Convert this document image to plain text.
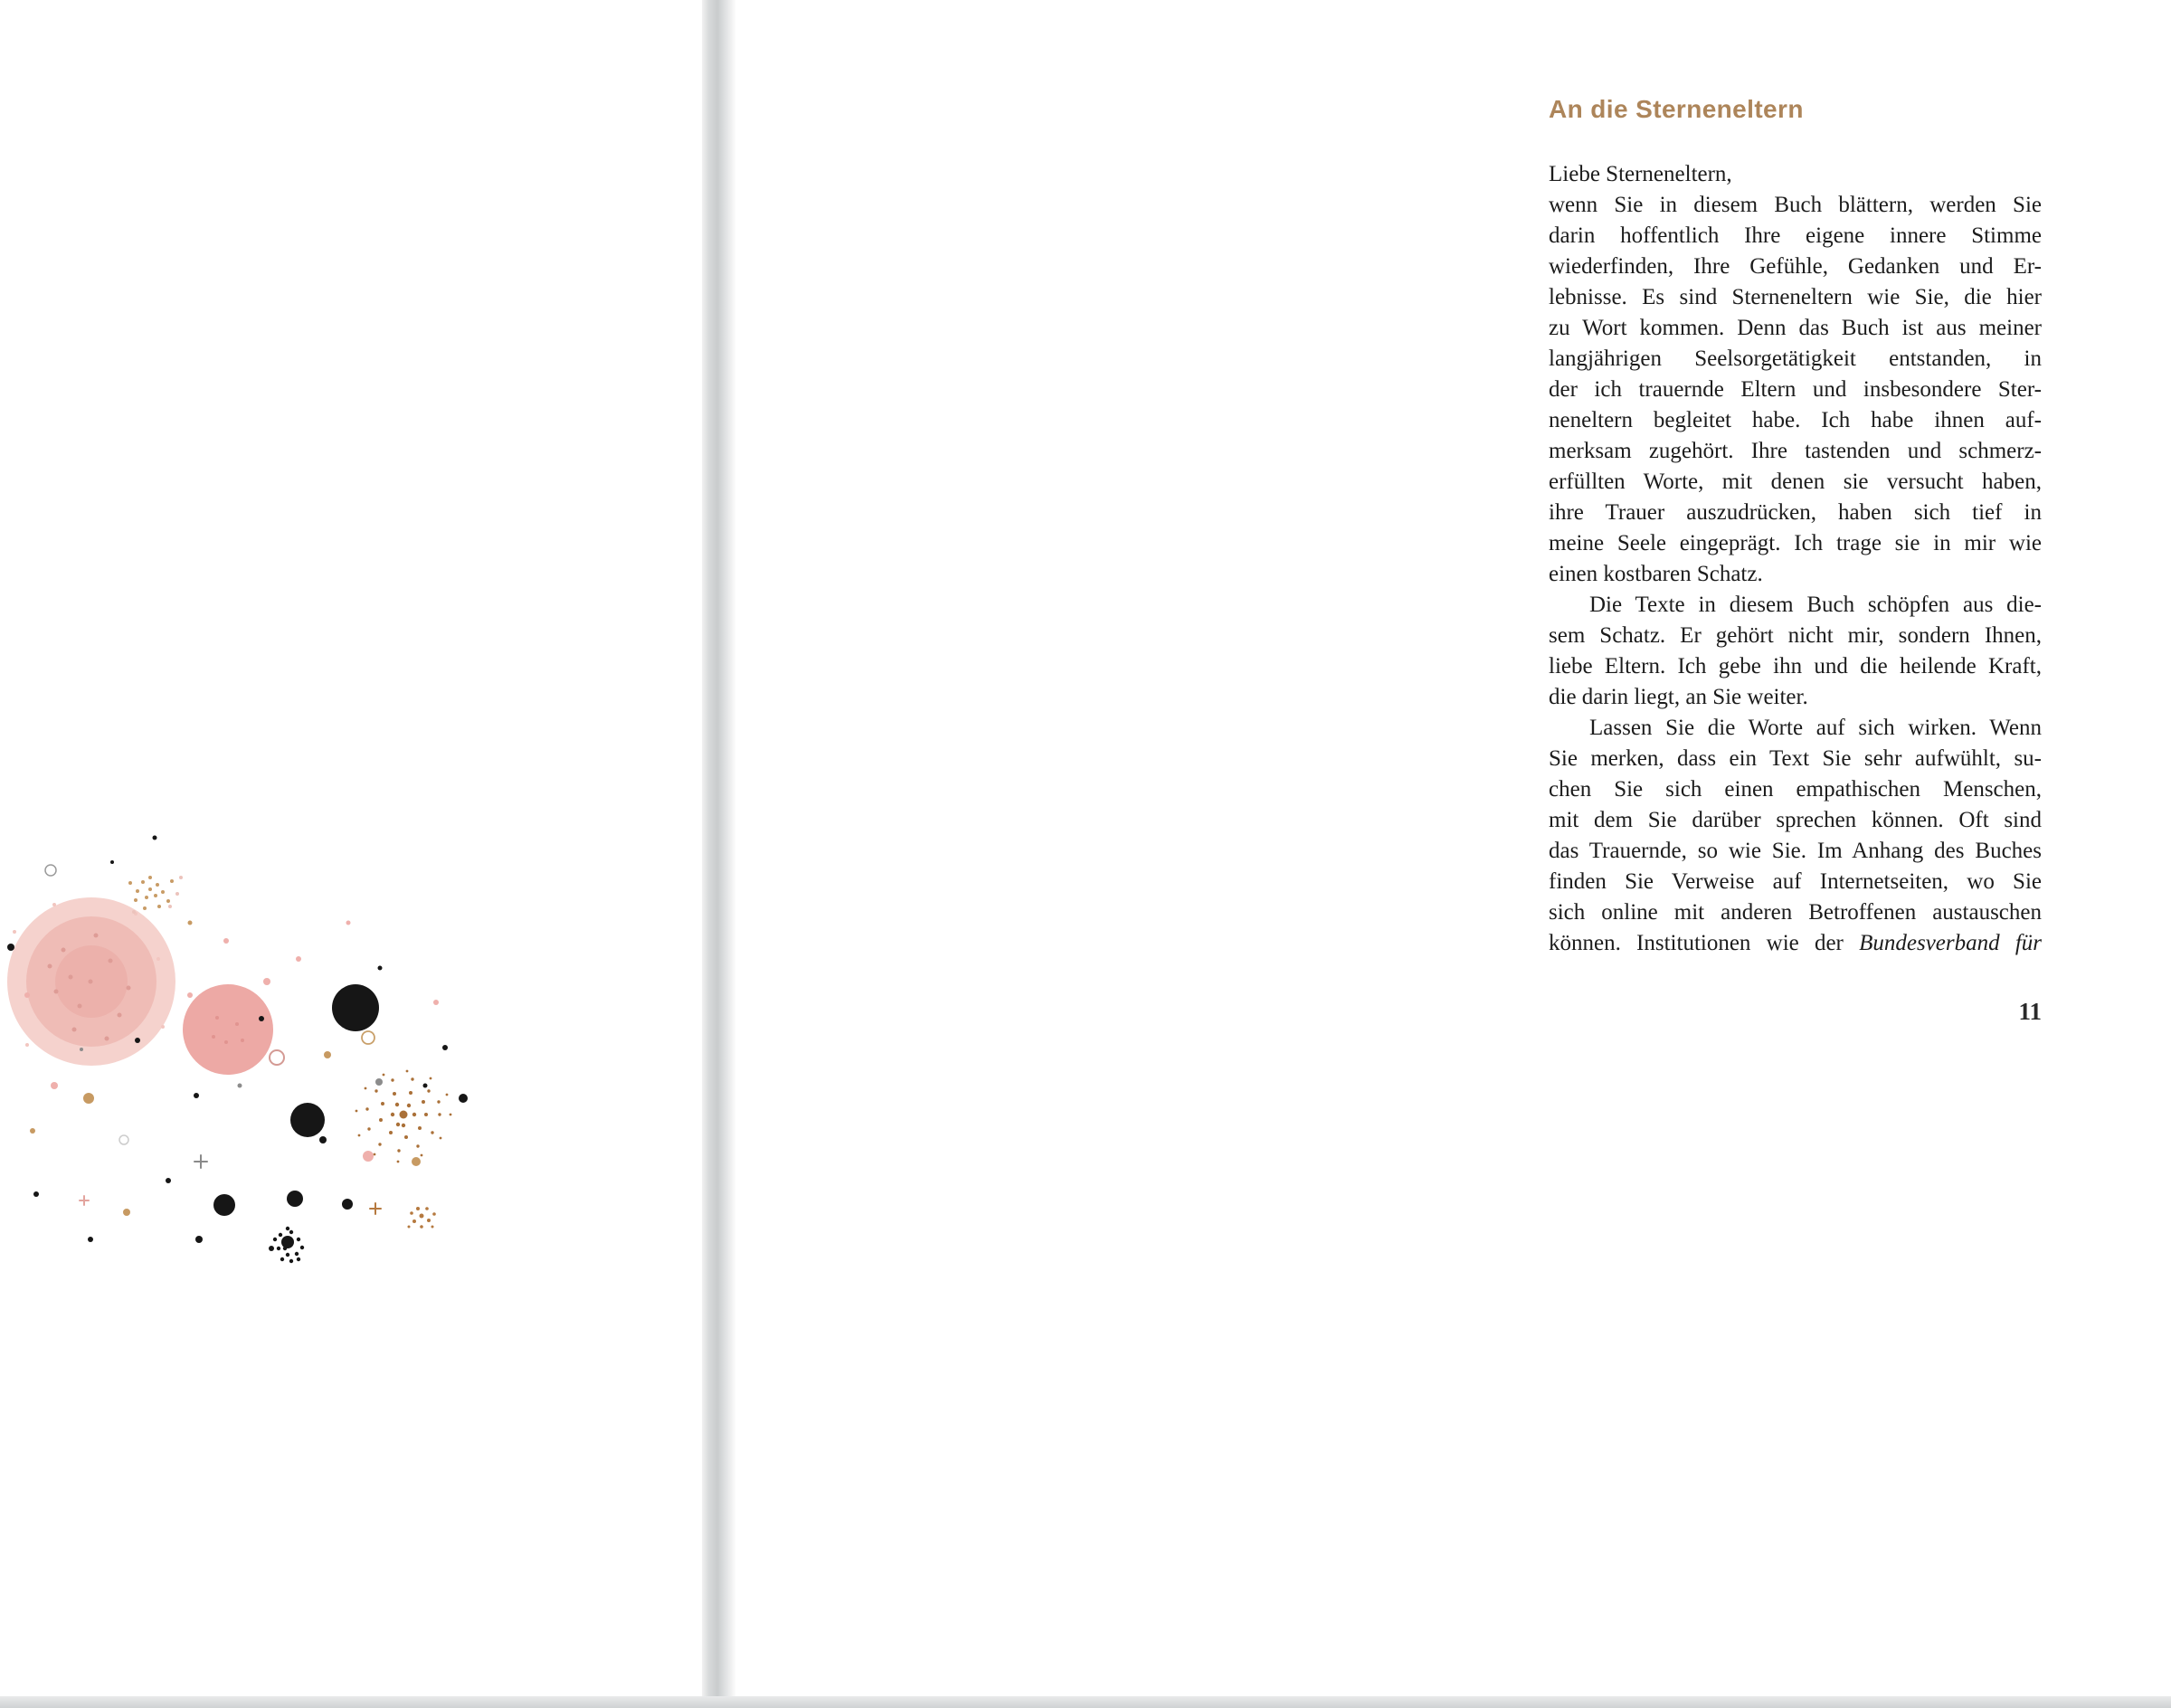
An die Sterneneltern
Liebe Sterneneltern,
wenn Sie in diesem Buch blättern, werden Sie
darin hoffentlich Ihre eigene innere Stimme
wiederfinden, Ihre Gefühle, Gedanken und Er-
lebnisse. Es sind Sterneneltern wie Sie, die hier
zu Wort kommen. Denn das Buch ist aus meiner
langjährigen Seelsorgetätigkeit entstanden, in
der ich trauernde Eltern und insbesondere Ster-
neneltern begleitet habe. Ich habe ihnen auf-
merksam zugehört. Ihre tastenden und schmerz-
erfüllten Worte, mit denen sie versucht haben,
ihre Trauer auszudrücken, haben sich tief in
meine Seele eingeprägt. Ich trage sie in mir wie
einen kostbaren Schatz.
Die Texte in diesem Buch schöpfen aus die-
sem Schatz. Er gehört nicht mir, sondern Ihnen,
liebe Eltern. Ich gebe ihn und die heilende Kraft,
die darin liegt, an Sie weiter.
Lassen Sie die Worte auf sich wirken. Wenn
Sie merken, dass ein Text Sie sehr aufwühlt, su-
chen Sie sich einen empathischen Menschen,
mit dem Sie darüber sprechen können. Oft sind
das Trauernde, so wie Sie. Im Anhang des Buches
finden Sie Verweise auf Internetseiten, wo Sie
sich online mit anderen Betroffenen austauschen
können. Institutionen wie der Bundesverband für
11
